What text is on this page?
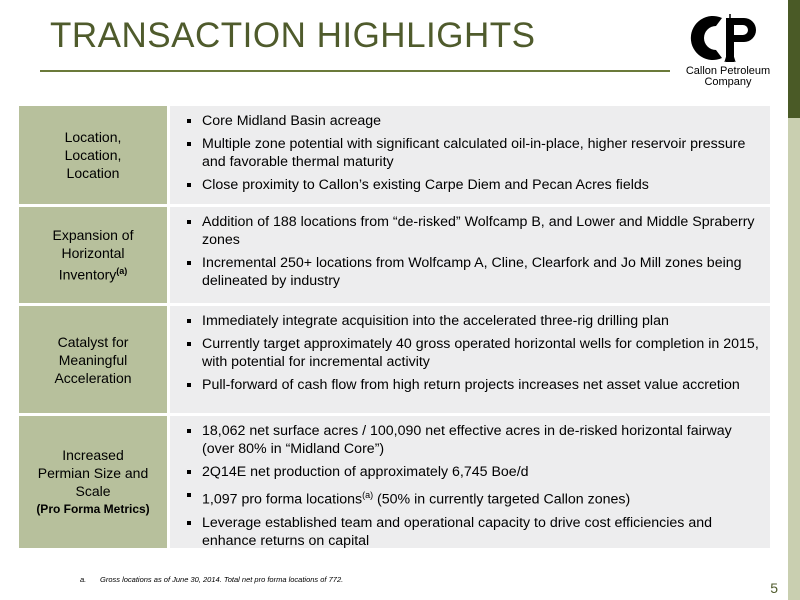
TRANSACTION HIGHLIGHTS
Callon Petroleum
Company
Location,
Location,
Location
Core Midland Basin acreage
Multiple zone potential with significant calculated oil-in-place, higher reservoir pressure and favorable thermal maturity
Close proximity to Callon’s existing Carpe Diem and Pecan Acres fields
Expansion of
Horizontal
Inventory$^{(a)}$
Addition of 188 locations from “de-risked” Wolfcamp B, and Lower and Middle Spraberry zones
Incremental 250+ locations from Wolfcamp A, Cline, Clearfork and Jo Mill zones being delineated by industry
Catalyst for
Meaningful
Acceleration
Immediately integrate acquisition into the accelerated three-rig drilling plan
Currently target approximately 40 gross operated horizontal wells for completion in 2015, with potential for incremental activity
Pull-forward of cash flow from high return projects increases net asset value accretion
Increased
Permian Size and
Scale
(Pro Forma Metrics)
18,062 net surface acres / 100,090 net effective acres in de-risked horizontal fairway (over 80% in “Midland Core”)
2Q14E net production of approximately 6,745 Boe/d
1,097 pro forma locations$^{(a)}$ (50% in currently targeted Callon zones)
Leverage established team and operational capacity to drive cost efficiencies and enhance returns on capital
a. Gross locations as of June 30, 2014. Total net pro forma locations of 772.
5
